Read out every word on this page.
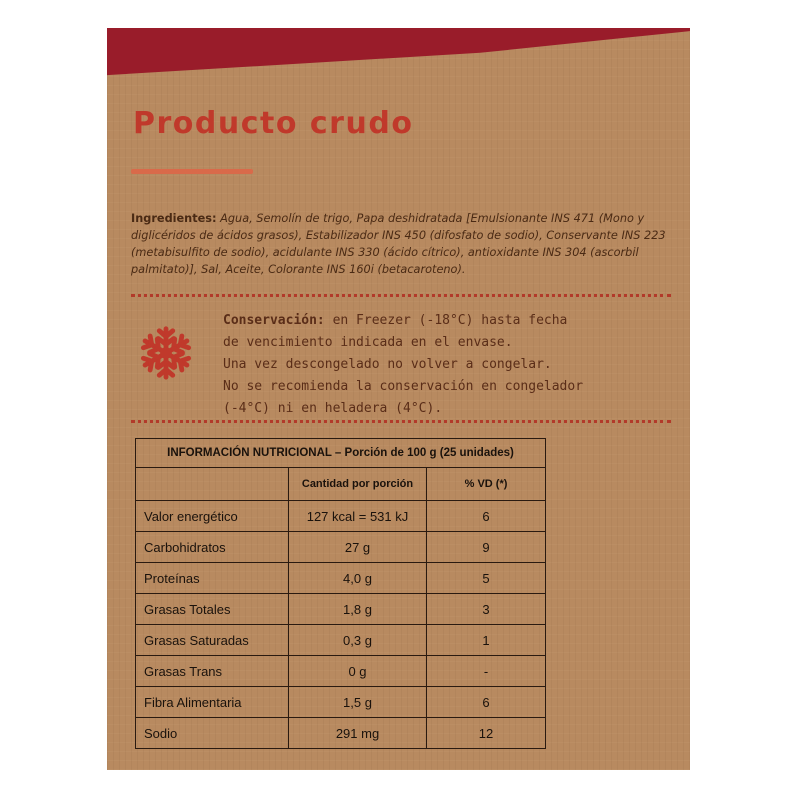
Producto crudo

Ingredientes: Agua, Semolín de trigo, Papa deshidratada [Emulsionante INS 471 (Mono y diglicéridos de ácidos grasos), Estabilizador INS 450 (difosfato de sodio), Conservante INS 223 (metabisulfito de sodio), acidulante INS 330 (ácido cítrico), antioxidante INS 304 (ascorbil palmitato)], Sal, Aceite, Colorante INS 160i (betacaroteno).

Conservación: en Freezer (-18°C) hasta fecha
de vencimiento indicada en el envase.
Una vez descongelado no volver a congelar.
No se recomienda la conservación en congelador
(-4°C) ni en heladera (4°C).
INFORMACIÓN NUTRICIONAL – Porción de 100 g (25 unidades)		
	Cantidad por porción	% VD (*)
Valor energético	127 kcal = 531 kJ	6
Carbohidratos	27 g	9
Proteínas	4,0 g	5
Grasas Totales	1,8 g	3
Grasas Saturadas	0,3 g	1
Grasas Trans	0 g	-
Fibra Alimentaria	1,5 g	6
Sodio	291 mg	12
